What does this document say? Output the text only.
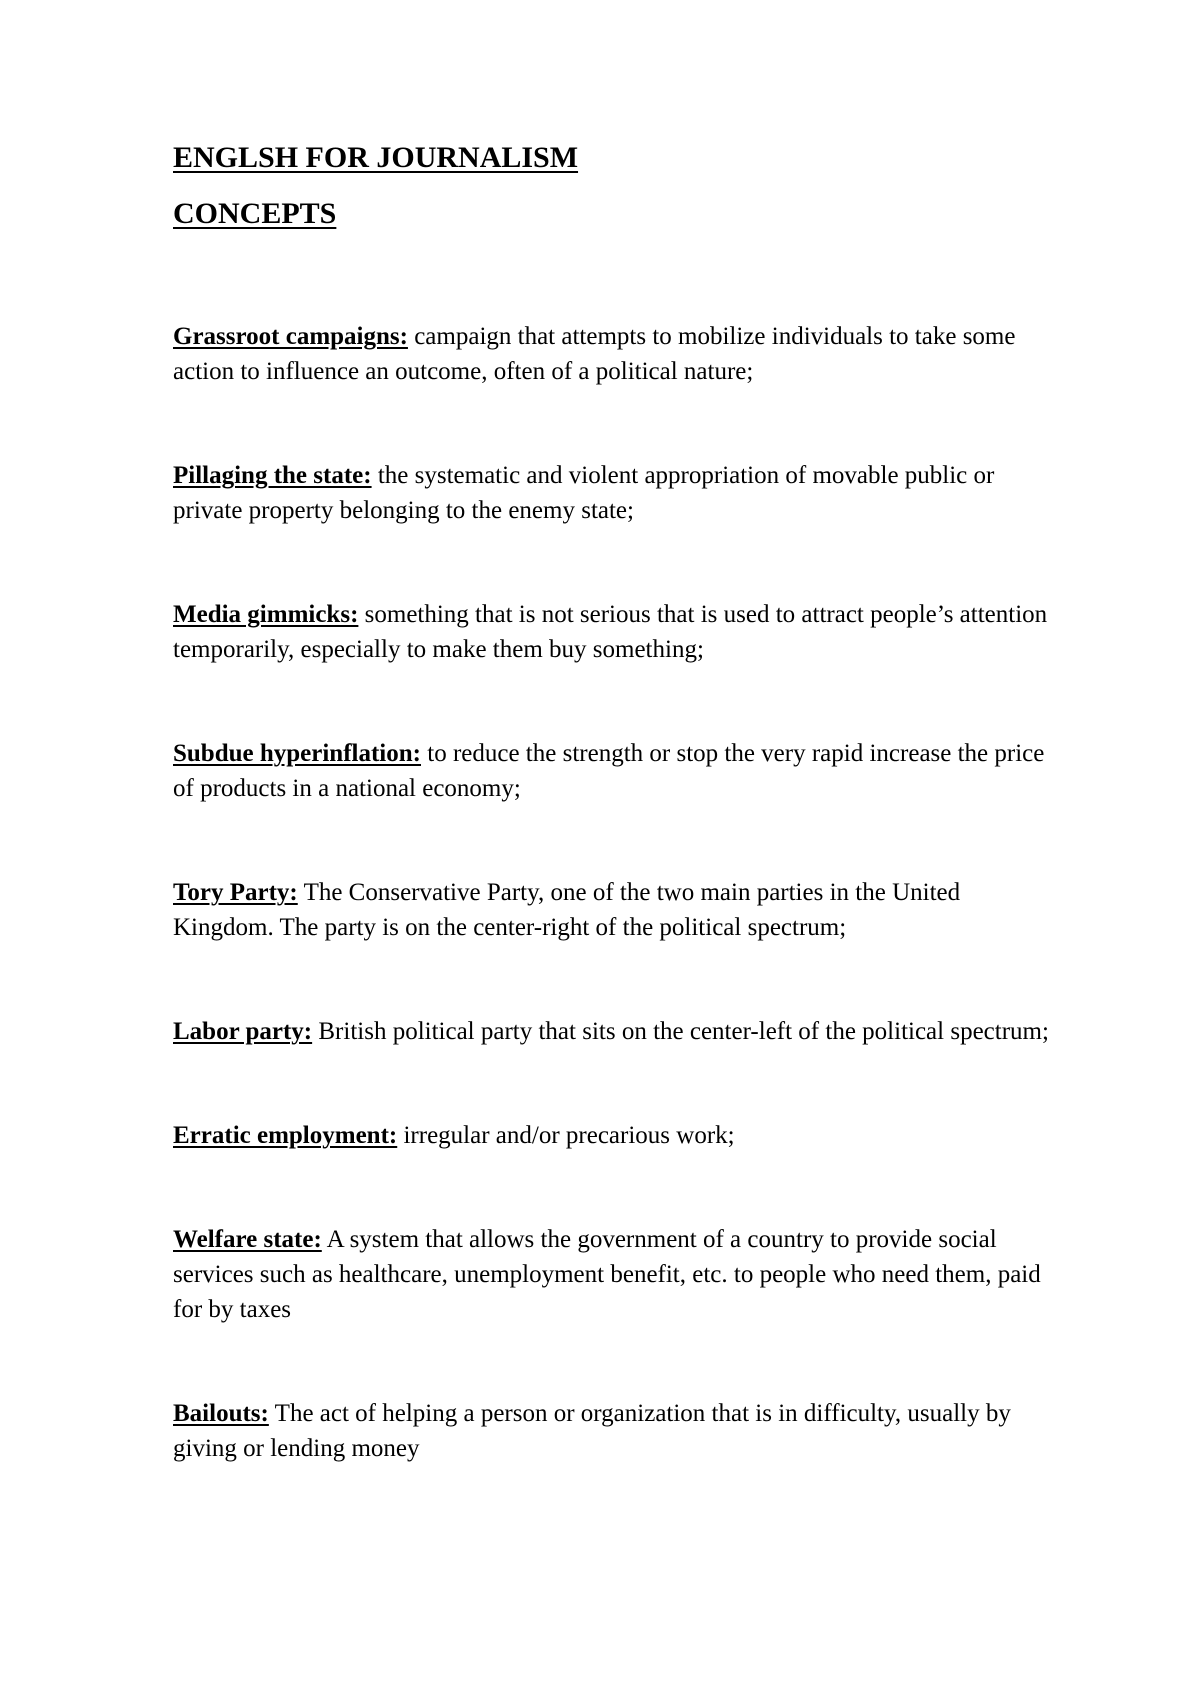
ENGLSH FOR JOURNALISM
CONCEPTS

Grassroot campaigns: campaign that attempts to mobilize individuals to take some action to influence an outcome, often of a political nature;

Pillaging the state: the systematic and violent appropriation of movable public or private property belonging to the enemy state;

Media gimmicks: something that is not serious that is used to attract people’s attention temporarily, especially to make them buy something;

Subdue hyperinflation: to reduce the strength or stop the very rapid increase the price of products in a national economy;

Tory Party: The Conservative Party, one of the two main parties in the United Kingdom. The party is on the center-right of the political spectrum;

Labor party: British political party that sits on the center-left of the political spectrum;

Erratic employment: irregular and/or precarious work;

Welfare state: A system that allows the government of a country to provide social services such as healthcare, unemployment benefit, etc. to people who need them, paid for by taxes

Bailouts: The act of helping a person or organization that is in difficulty, usually by giving or lending money
